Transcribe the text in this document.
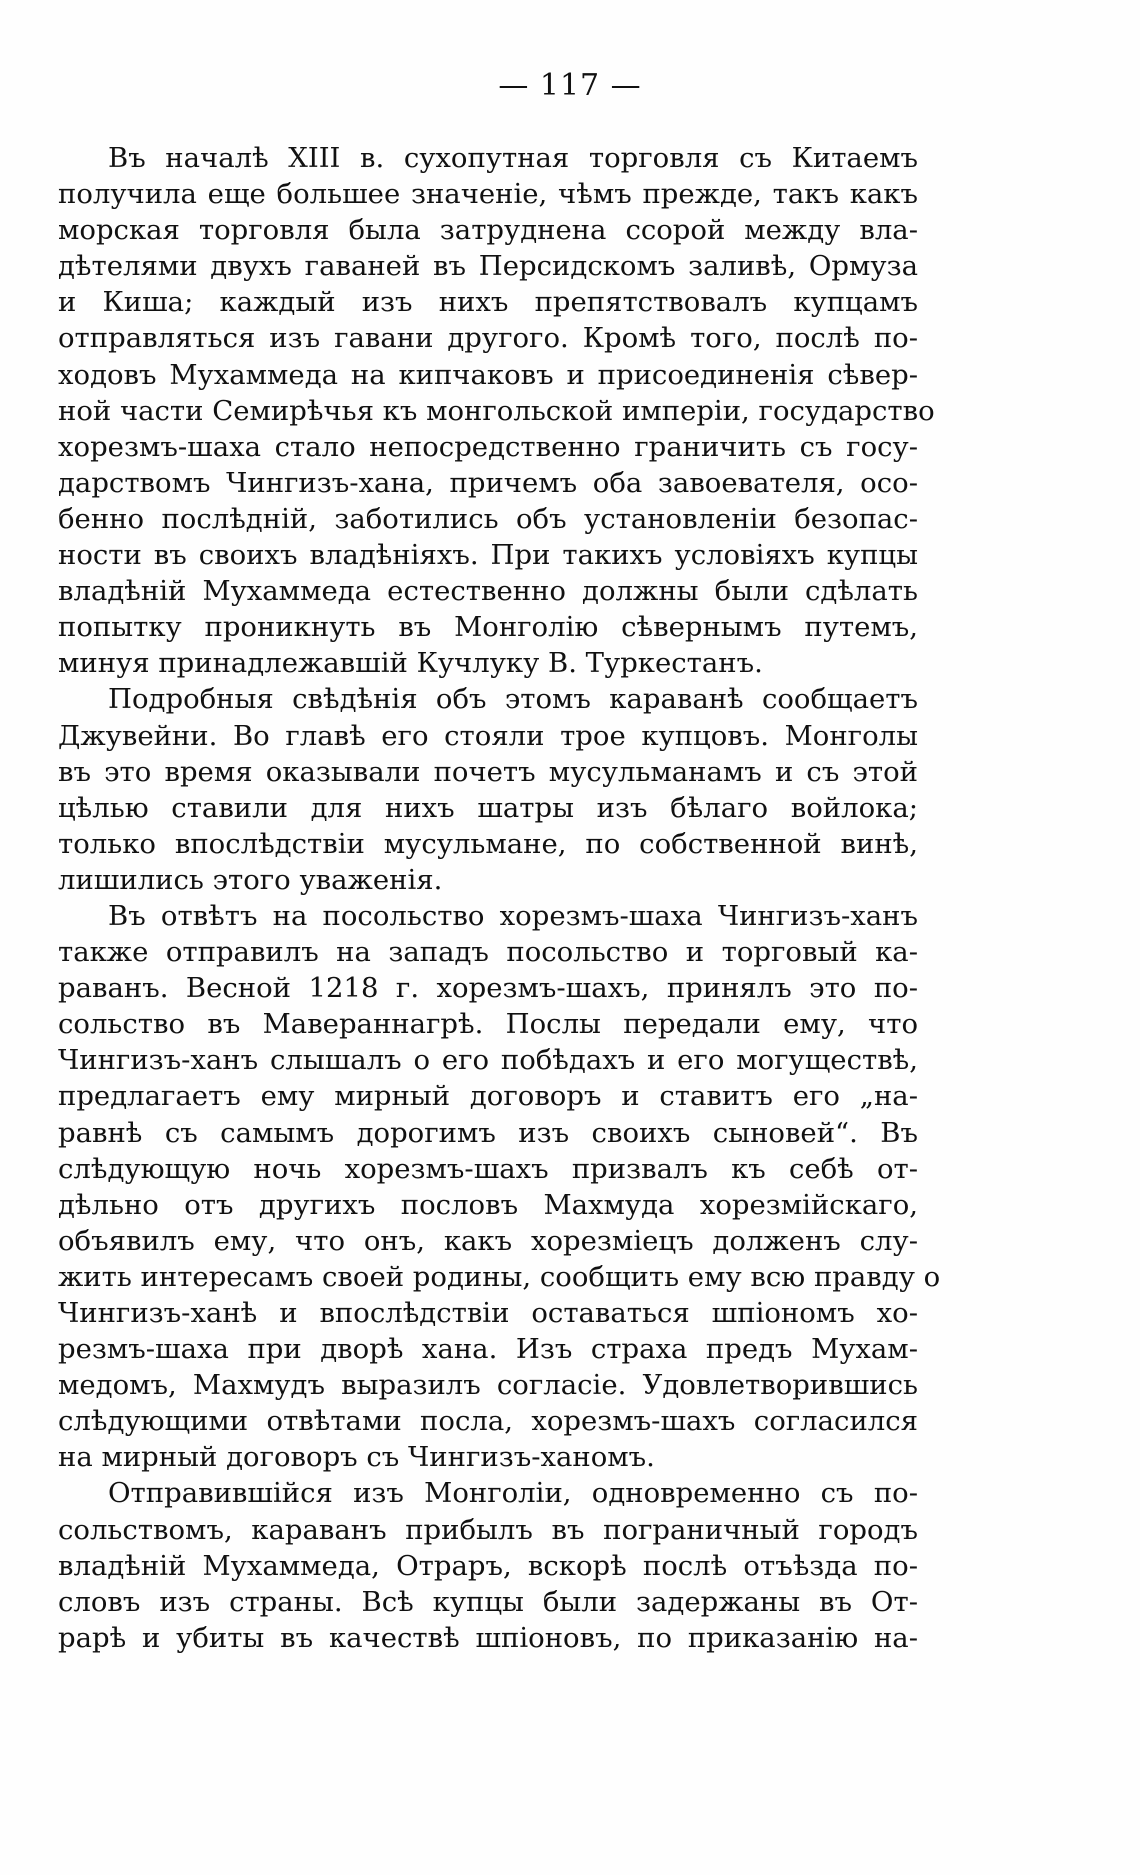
— 117 —
Въ началѣ XIII в. сухопутная торговля съ Китаемъ
получила еще большее значеніе, чѣмъ прежде, такъ какъ
морская торговля была затруднена ссорой между вла-
дѣтелями двухъ гаваней въ Персидскомъ заливѣ, Ормуза
и Киша; каждый изъ нихъ препятствовалъ купцамъ
отправляться изъ гавани другого. Кромѣ того, послѣ по-
ходовъ Мухаммеда на кипчаковъ и присоединенія сѣвер-
ной части Семирѣчья къ монгольской имперіи, государство
хорезмъ-шаха стало непосредственно граничить съ госу-
дарствомъ Чингизъ-хана, причемъ оба завоевателя, осо-
бенно послѣдній, заботились объ установленіи безопас-
ности въ своихъ владѣніяхъ. При такихъ условіяхъ купцы
владѣній Мухаммеда естественно должны были сдѣлать
попытку проникнуть въ Монголію сѣвернымъ путемъ,
минуя принадлежавшій Кучлуку В. Туркестанъ.
Подробныя свѣдѣнія объ этомъ караванѣ сообщаетъ
Джувейни. Во главѣ его стояли трое купцовъ. Монголы
въ это время оказывали почетъ мусульманамъ и съ этой
цѣлью ставили для нихъ шатры изъ бѣлаго войлока;
только впослѣдствіи мусульмане, по собственной винѣ,
лишились этого уваженія.
Въ отвѣтъ на посольство хорезмъ-шаха Чингизъ-ханъ
также отправилъ на западъ посольство и торговый ка-
раванъ. Весной 1218 г. хорезмъ-шахъ, принялъ это по-
сольство въ Мавераннагрѣ. Послы передали ему, что
Чингизъ-ханъ слышалъ о его побѣдахъ и его могуществѣ,
предлагаетъ ему мирный договоръ и ставитъ его „на-
равнѣ съ самымъ дорогимъ изъ своихъ сыновей“. Въ
слѣдующую ночь хорезмъ-шахъ призвалъ къ себѣ от-
дѣльно отъ другихъ пословъ Махмуда хорезмійскаго,
объявилъ ему, что онъ, какъ хорезміецъ долженъ слу-
жить интересамъ своей родины, сообщить ему всю правду о
Чингизъ-ханѣ и впослѣдствіи оставаться шпіономъ хо-
резмъ-шаха при дворѣ хана. Изъ страха предъ Мухам-
медомъ, Махмудъ выразилъ согласіе. Удовлетворившись
слѣдующими отвѣтами посла, хорезмъ-шахъ согласился
на мирный договоръ съ Чингизъ-ханомъ.
Отправившійся изъ Монголіи, одновременно съ по-
сольствомъ, караванъ прибылъ въ пограничный городъ
владѣній Мухаммеда, Отраръ, вскорѣ послѣ отъѣзда по-
словъ изъ страны. Всѣ купцы были задержаны въ От-
рарѣ и убиты въ качествѣ шпіоновъ, по приказанію на-
